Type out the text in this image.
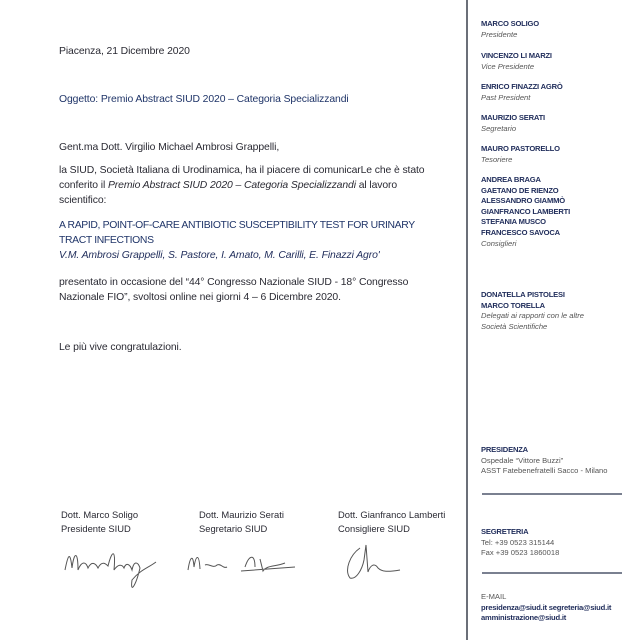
Piacenza, 21 Dicembre 2020
Oggetto: Premio Abstract SIUD 2020 – Categoria Specializzandi
Gent.ma Dott. Virgilio Michael Ambrosi Grappelli,
la SIUD, Società Italiana di Urodinamica, ha il piacere di comunicarLe che è stato conferito il Premio Abstract SIUD 2020 – Categoria Specializzandi al lavoro scientifico:
A RAPID, POINT-OF-CARE ANTIBIOTIC SUSCEPTIBILITY TEST FOR URINARY TRACT INFECTIONS
V.M. Ambrosi Grappelli, S. Pastore, I. Amato, M. Carilli, E. Finazzi Agro'
presentato in occasione del “44° Congresso Nazionale SIUD - 18° Congresso Nazionale FIO”, svoltosi online nei giorni 4 – 6 Dicembre 2020.
Le più vive congratulazioni.
Dott. Marco Soligo
Presidente SIUD
Dott. Maurizio Serati
Segretario SIUD
Dott. Gianfranco Lamberti
Consigliere SIUD
MARCO SOLIGO
Presidente
VINCENZO LI MARZI
Vice Presidente
ENRICO FINAZZI AGRÒ
Past President
MAURIZIO SERATI
Segretario
MAURO PASTORELLO
Tesoriere
ANDREA BRAGA
GAETANO DE RIENZO
ALESSANDRO GIAMMÒ
GIANFRANCO LAMBERTI
STEFANIA MUSCO
FRANCESCO SAVOCA
Consiglieri
DONATELLA PISTOLESI
MARCO TORELLA
Delegati ai rapporti con le altre
Società Scientifiche
PRESIDENZA
Ospedale “Vittore Buzzi”
ASST Fatebenefratelli Sacco - Milano
SEGRETERIA
Tel: +39 0523 315144
Fax +39 0523 1860018
E-MAIL
presidenza@siud.it segreteria@siud.it
amministrazione@siud.it
